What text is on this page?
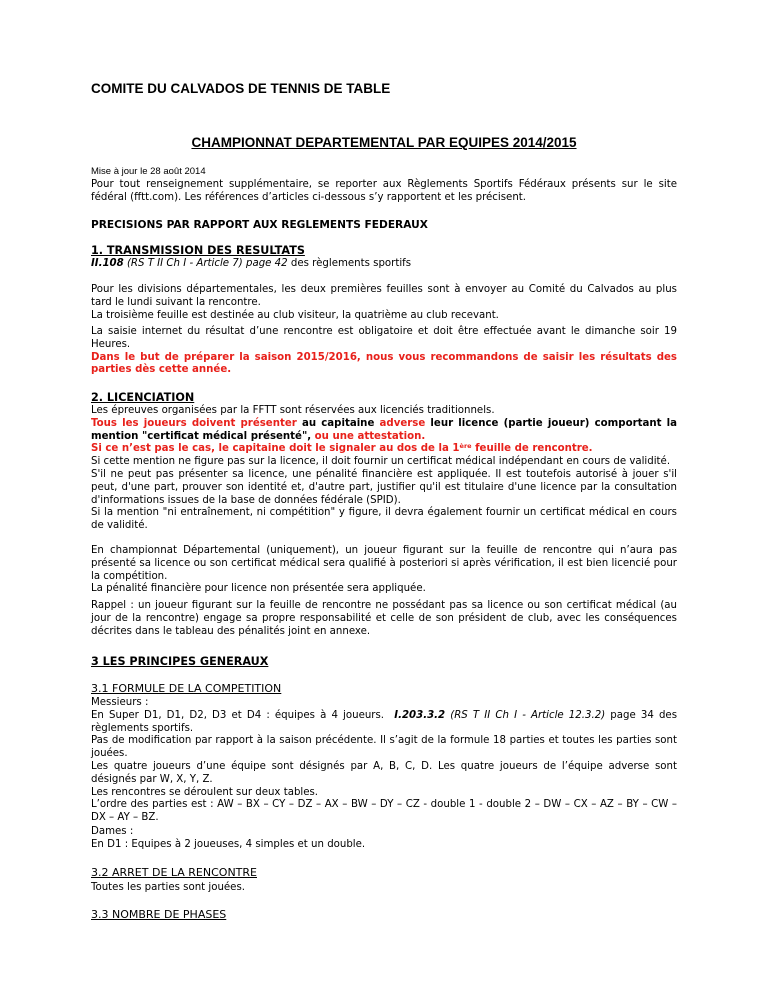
COMITE DU CALVADOS DE TENNIS DE TABLE
CHAMPIONNAT DEPARTEMENTAL PAR EQUIPES 2014/2015
Mise à jour le 28 août 2014
Pour tout renseignement supplémentaire, se reporter aux Règlements Sportifs Fédéraux présents sur le site fédéral (fftt.com). Les références d’articles ci-dessous s’y rapportent et les précisent.
PRECISIONS PAR RAPPORT AUX REGLEMENTS FEDERAUX
1. TRANSMISSION DES RESULTATS
II.108 (RS T II Ch I - Article 7) page 42 des règlements sportifs

Pour les divisions départementales, les deux premières feuilles sont à envoyer au Comité du Calvados au plus tard le lundi suivant la rencontre.

La troisième feuille est destinée au club visiteur, la quatrième au club recevant.

La saisie internet du résultat d’une rencontre est obligatoire et doit être effectuée avant le dimanche soir 19 Heures.

Dans le but de préparer la saison 2015/2016, nous vous recommandons de saisir les résultats des parties dès cette année.

2. LICENCIATION

Les épreuves organisées par la FFTT sont réservées aux licenciés traditionnels.

Tous les joueurs doivent présenter au capitaine adverse leur licence (partie joueur) comportant la mention "certificat médical présenté", ou une attestation.

Si ce n’est pas le cas, le capitaine doit le signaler au dos de la 1ère feuille de rencontre.

Si cette mention ne figure pas sur la licence, il doit fournir un certificat médical indépendant en cours de validité.

S'il ne peut pas présenter sa licence, une pénalité financière est appliquée. Il est toutefois autorisé à jouer s'il peut, d'une part, prouver son identité et, d'autre part, justifier qu'il est titulaire d'une licence par la consultation d'informations issues de la base de données fédérale (SPID).

Si la mention "ni entraînement, ni compétition" y figure, il devra également fournir un certificat médical en cours de validité.

En championnat Départemental (uniquement), un joueur figurant sur la feuille de rencontre qui n’aura pas présenté sa licence ou son certificat médical sera qualifié à posteriori si après vérification, il est bien licencié pour la compétition.

La pénalité financière pour licence non présentée sera appliquée.

Rappel : un joueur figurant sur la feuille de rencontre ne possédant pas sa licence ou son certificat médical (au jour de la rencontre) engage sa propre responsabilité et celle de son président de club, avec les conséquences décrites dans le tableau des pénalités joint en annexe.

3 LES PRINCIPES GENERAUX
3.1 FORMULE DE LA COMPETITION

Messieurs :

En Super D1, D1, D2, D3 et D4 : équipes à 4 joueurs.  I.203.3.2 (RS T II Ch I - Article 12.3.2) page 34 des règlements sportifs.

Pas de modification par rapport à la saison précédente. Il s’agit de la formule 18 parties et toutes les parties sont jouées.

Les quatre joueurs d’une équipe sont désignés par A, B, C, D. Les quatre joueurs de l’équipe adverse sont désignés par W, X, Y, Z.

Les rencontres se déroulent sur deux tables.

L’ordre des parties est : AW – BX – CY – DZ – AX – BW – DY – CZ - double 1 - double 2 – DW – CX – AZ – BY – CW – DX – AY – BZ.

Dames :

En D1 : Equipes à 2 joueuses, 4 simples et un double.

3.2 ARRET DE LA RENCONTRE
Toutes les parties sont jouées.
3.3 NOMBRE DE PHASES
